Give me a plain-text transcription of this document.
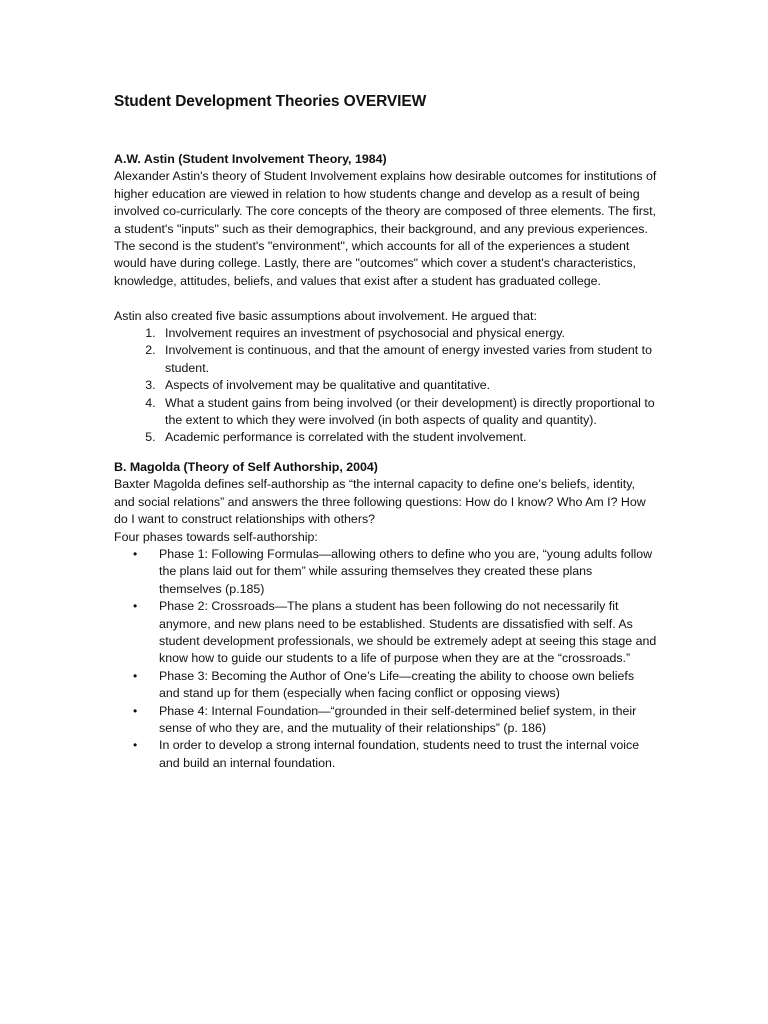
Student Development Theories OVERVIEW

A.W. Astin (Student Involvement Theory, 1984)

Alexander Astin's theory of Student Involvement explains how desirable outcomes for institutions of higher education are viewed in relation to how students change and develop as a result of being involved co-curricularly. The core concepts of the theory are composed of three elements. The first, a student's "inputs" such as their demographics, their background, and any previous experiences. The second is the student's "environment", which accounts for all of the experiences a student would have during college. Lastly, there are "outcomes" which cover a student's characteristics, knowledge, attitudes, beliefs, and values that exist after a student has graduated college.

Astin also created five basic assumptions about involvement. He argued that:

1. Involvement requires an investment of psychosocial and physical energy.
2. Involvement is continuous, and that the amount of energy invested varies from student to student.
3. Aspects of involvement may be qualitative and quantitative.
4. What a student gains from being involved (or their development) is directly proportional to the extent to which they were involved (in both aspects of quality and quantity).
5. Academic performance is correlated with the student involvement.

B. Magolda (Theory of Self Authorship, 2004)

Baxter Magolda defines self-authorship as “the internal capacity to define one’s beliefs, identity, and social relations” and answers the three following questions: How do I know? Who Am I? How do I want to construct relationships with others?

Four phases towards self-authorship:

• Phase 1: Following Formulas—allowing others to define who you are, “young adults follow the plans laid out for them” while assuring themselves they created these plans themselves (p.185)
• Phase 2: Crossroads—The plans a student has been following do not necessarily fit anymore, and new plans need to be established. Students are dissatisfied with self. As student development professionals, we should be extremely adept at seeing this stage and know how to guide our students to a life of purpose when they are at the “crossroads.”
• Phase 3: Becoming the Author of One’s Life—creating the ability to choose own beliefs and stand up for them (especially when facing conflict or opposing views)
• Phase 4: Internal Foundation—“grounded in their self-determined belief system, in their sense of who they are, and the mutuality of their relationships” (p. 186)
• In order to develop a strong internal foundation, students need to trust the internal voice and build an internal foundation.
